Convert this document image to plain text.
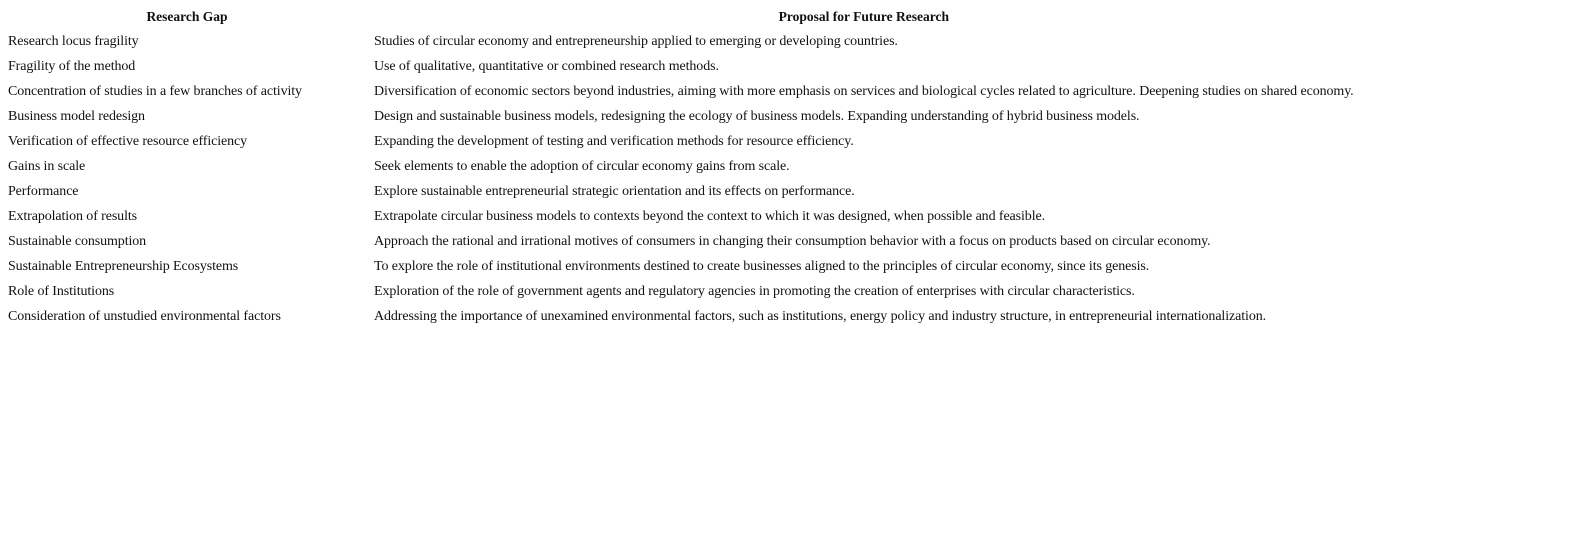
Research Gap	Proposal for Future Research
Research locus fragility	Studies of circular economy and entrepreneurship applied to emerging or developing countries.
Fragility of the method	Use of qualitative, quantitative or combined research methods.
Concentration of studies in a few branches of activity	Diversification of economic sectors beyond industries, aiming with more emphasis on services and biological cycles related to agriculture. Deepening studies on shared economy.
Business model redesign	Design and sustainable business models, redesigning the ecology of business models. Expanding understanding of hybrid business models.
Verification of effective resource efficiency	Expanding the development of testing and verification methods for resource efficiency.
Gains in scale	Seek elements to enable the adoption of circular economy gains from scale.
Performance	Explore sustainable entrepreneurial strategic orientation and its effects on performance.
Extrapolation of results	Extrapolate circular business models to contexts beyond the context to which it was designed, when possible and feasible.
Sustainable consumption	Approach the rational and irrational motives of consumers in changing their consumption behavior with a focus on products based on circular economy.
Sustainable Entrepreneurship Ecosystems	To explore the role of institutional environments destined to create businesses aligned to the principles of circular economy, since its genesis.
Role of Institutions	Exploration of the role of government agents and regulatory agencies in promoting the creation of enterprises with circular characteristics.
Consideration of unstudied environmental factors	Addressing the importance of unexamined environmental factors, such as institutions, energy policy and industry structure, in entrepreneurial internationalization.
